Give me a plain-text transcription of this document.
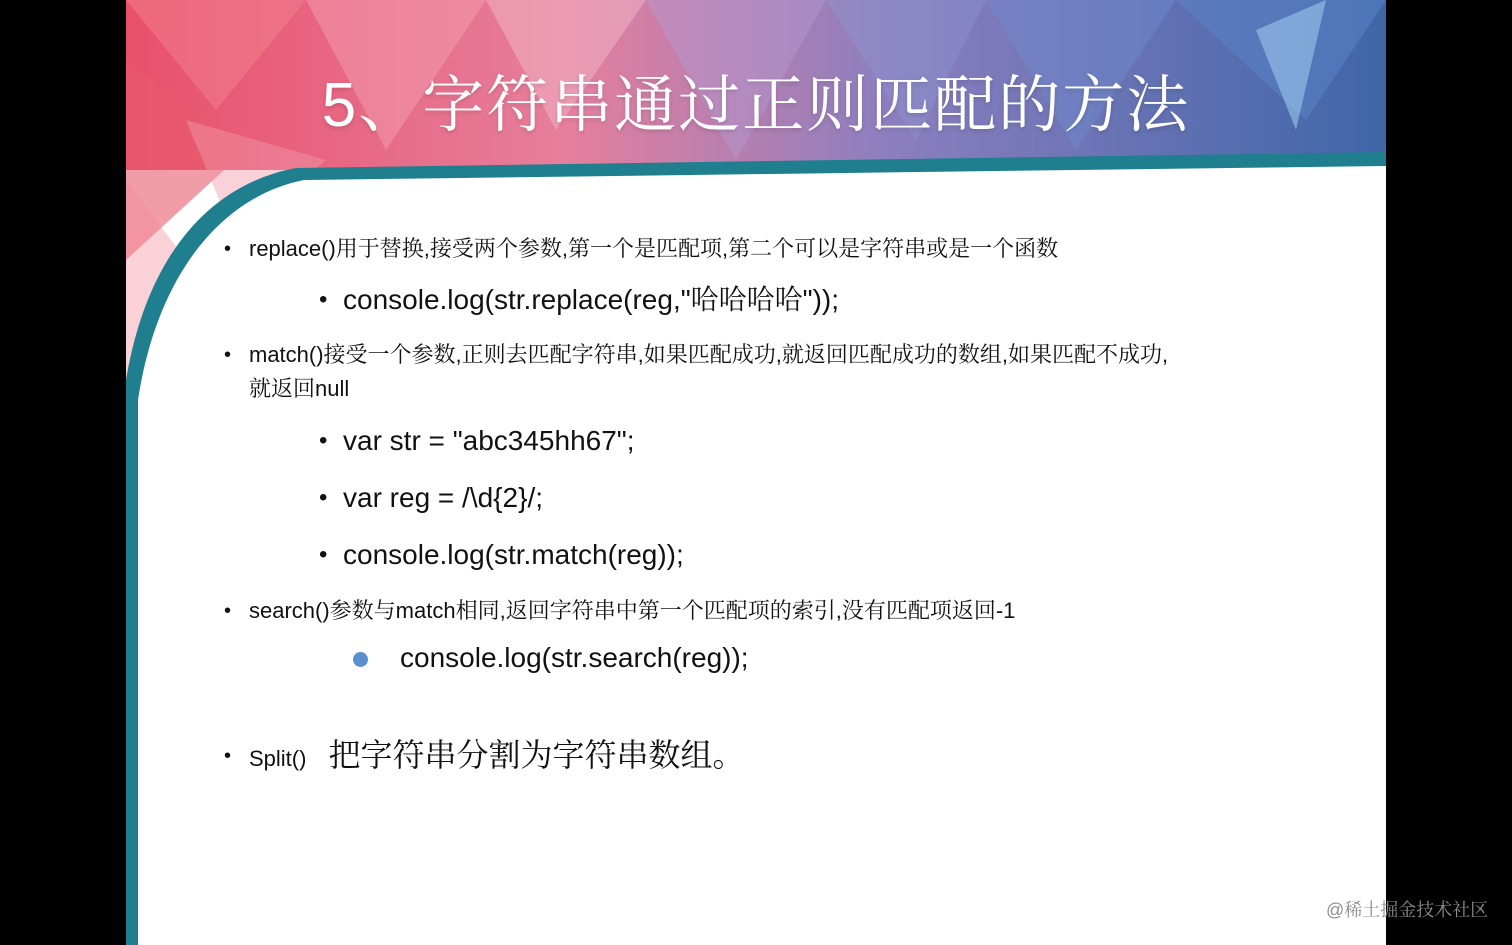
5、字符串通过正则匹配的方法
• replace()用于替换,接受两个参数,第一个是匹配项,第二个可以是字符串或是一个函数
• console.log(str.replace(reg,"哈哈哈哈"));
• match()接受一个参数,正则去匹配字符串,如果匹配成功,就返回匹配成功的数组,如果匹配不成功,
就返回null
• var str = "abc345hh67";
• var reg = /\d{2}/;
• console.log(str.match(reg));
• search()参数与match相同,返回字符串中第一个匹配项的索引,没有匹配项返回-1
console.log(str.search(reg));
• Split() 把字符串分割为字符串数组。
@稀土掘金技术社区
